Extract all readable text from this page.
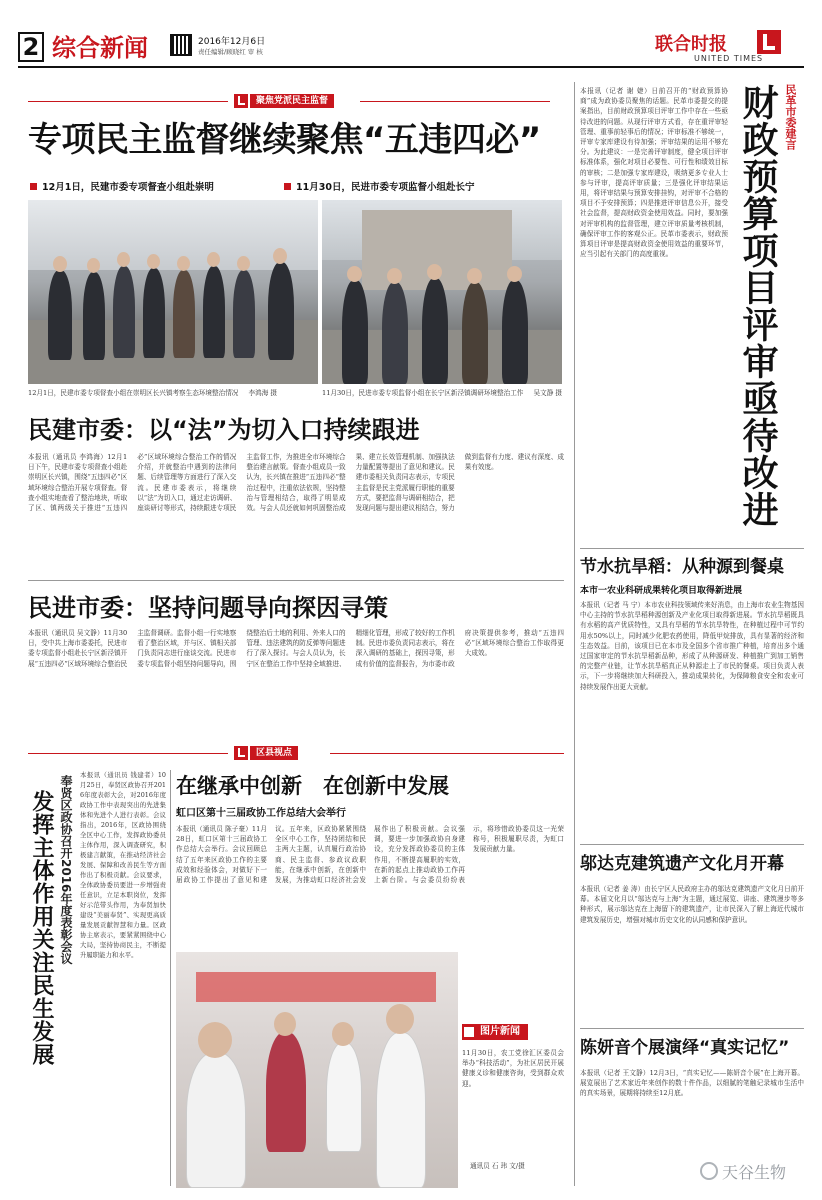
2 综合新闻	2016年12月6日
责任编辑/顾晓红 审 核	联合时报
UNITED TIMES
聚焦党派民主监督
专项民主监督继续聚焦“五违四必”
12月1日，民建市委专项督查小组赴崇明	11月30日，民进市委专项监督小组赴长宁
12月1日，民建市委专项督查小组在崇明区长兴镇考察生态环境整治情况 李鸿海 摄	11月30日，民进市委专项监督小组在长宁区新泾镇调研环境整治工作 吴文静 摄
民建市委：以“法”为切入口持续跟进
本报讯（通讯员 李鸿海）12月1日下午，民建市委专项督查小组赴崇明区长兴镇，围绕“五违四必”区域环境综合整治开展专项督查。督查小组实地查看了整治地块，听取了区、镇两级关于推进“五违四必”区域环境综合整治工作的情况介绍，并就整治中遇到的法律问题、后续管理等方面进行了深入交流。民建市委表示，将继续以“法”为切入口，通过走访调研、座谈研讨等形式，持续跟进专项民主监督工作，为推进全市环境综合整治建言献策。督查小组成员一致认为，长兴镇在推进“五违四必”整治过程中，注重依法依规，坚持整治与管理相结合，取得了明显成效。与会人员还就如何巩固整治成果、建立长效管理机制、加强执法力量配置等提出了意见和建议。民建市委相关负责同志表示，专项民主监督是民主党派履行职能的重要方式，要把监督与调研相结合，把发现问题与提出建议相结合，努力做到监督有力度、建议有深度、成果有效度。
民进市委：坚持问题导向探因寻策
本报讯（通讯员 吴文静）11月30日，受中共上海市委委托，民进市委专项监督小组赴长宁区新泾镇开展“五违四必”区域环境综合整治民主监督调研。监督小组一行实地察看了整治区域，并与区、镇相关部门负责同志进行座谈交流。民进市委专项监督小组坚持问题导向，围绕整治后土地的利用、外来人口的管理、违法建筑的防反弹等问题进行了深入探讨。与会人员认为，长宁区在整治工作中坚持全域推进、精细化管理，形成了较好的工作机制。民进市委负责同志表示，将在深入调研的基础上，探因寻策，形成有价值的监督报告，为市委市政府决策提供参考，推动“五违四必”区域环境综合整治工作取得更大成效。
区县视点
发挥主体作用关注民生发展 奉贤区政协召开2016年度表彰会议 本报讯（通讯员 钱建者）10月25日，奉贤区政协召开2016年度表彰大会，对2016年度政协工作中表现突出的先进集体和先进个人进行表彰。会议指出，2016年，区政协围绕全区中心工作，发挥政协委员主体作用，深入调查研究，积极建言献策，在推动经济社会发展、保障和改善民生等方面作出了积极贡献。会议要求，全体政协委员要进一步增强责任意识，立足本职岗位，发挥好示范带头作用，为奉贤加快建设“美丽奉贤”、实现更高质量发展贡献智慧和力量。区政协主席表示，要紧紧围绕中心大局，坚持协商民主，不断提升履职能力和水平。
在继承中创新　在创新中发展
虹口区第十三届政协工作总结大会举行
本报讯（通讯员 陈子豪）11月28日，虹口区第十三届政协工作总结大会举行。会议回顾总结了五年来区政协工作的主要成效和经验体会，对做好下一届政协工作提出了意见和建议。五年来，区政协紧紧围绕全区中心工作，坚持团结和民主两大主题，认真履行政治协商、民主监督、参政议政职能，在继承中创新，在创新中发展，为推动虹口经济社会发展作出了积极贡献。会议强调，要进一步加强政协自身建设，充分发挥政协委员的主体作用，不断提高履职的实效，在新的起点上推动政协工作再上新台阶。与会委员纷纷表示，将珍惜政协委员这一光荣称号，积极履职尽责，为虹口发展贡献力量。
图片新闻
11月30日，农工党徐汇区委员会举办“科技活动”，为社区居民开展健康义诊和健康咨询，受到群众欢迎。
通讯员 石 玮 文/摄
民革市委建言
财政预算项目评审亟待改进
本报讯（记者 谢 婕）日前召开的“财政预算协商”成为政协委员聚焦的话题。民革市委提交的提案指出，目前财政预算项目评审工作中存在一些亟待改进的问题。从现行评审方式看，存在重评审轻管理、重事前轻事后的情况；评审标准不够统一，评审专家库建设有待加强；评审结果的运用不够充分。为此建议：一是完善评审制度，健全项目评审标准体系，强化对项目必要性、可行性和绩效目标的审核；二是加强专家库建设，吸纳更多专业人士参与评审，提高评审质量；三是强化评审结果运用，将评审结果与预算安排挂钩，对评审不合格的项目不予安排预算；四是推进评审信息公开，接受社会监督，提高财政资金使用效益。同时，要加强对评审机构的监督管理，建立评审质量考核机制，确保评审工作的客观公正。民革市委表示，财政预算项目评审是提高财政资金使用效益的重要环节，应当引起有关部门的高度重视。
节水抗旱稻：从种源到餐桌
本市一农业科研成果转化项目取得新进展
本报讯（记者 马 宁）本市农业科技领域传来好消息，由上海市农业生物基因中心主持的节水抗旱稻种源创新及产业化项目取得新进展。节水抗旱稻既具有水稻的高产优质特性，又具有旱稻的节水抗旱特性，在种植过程中可节约用水50%以上，同时减少化肥农药使用，降低甲烷排放，具有显著的经济和生态效益。目前，该项目已在本市及全国多个省市推广种植，培育出多个通过国家审定的节水抗旱稻新品种，形成了从种源研发、种植推广到加工销售的完整产业链，让节水抗旱稻真正从种源走上了市民的餐桌。项目负责人表示，下一步将继续加大科研投入，推动成果转化，为保障粮食安全和农业可持续发展作出更大贡献。
邬达克建筑遗产文化月开幕
本报讯（记者 姜 涛）由长宁区人民政府主办的邬达克建筑遗产文化月日前开幕。本届文化月以“邬达克与上海”为主题，通过展览、讲座、建筑漫步等多种形式，展示邬达克在上海留下的建筑遗产，让市民深入了解上海近代城市建筑发展历史，增强对城市历史文化的认同感和保护意识。
陈妍音个展演绎“真实记忆”
本报讯（记者 王文静）12月3日，“真实记忆——陈妍音个展”在上海开幕。展览展出了艺术家近年来创作的数十件作品，以细腻的笔触记录城市生活中的真实场景，展期将持续至12月底。
天谷生物
